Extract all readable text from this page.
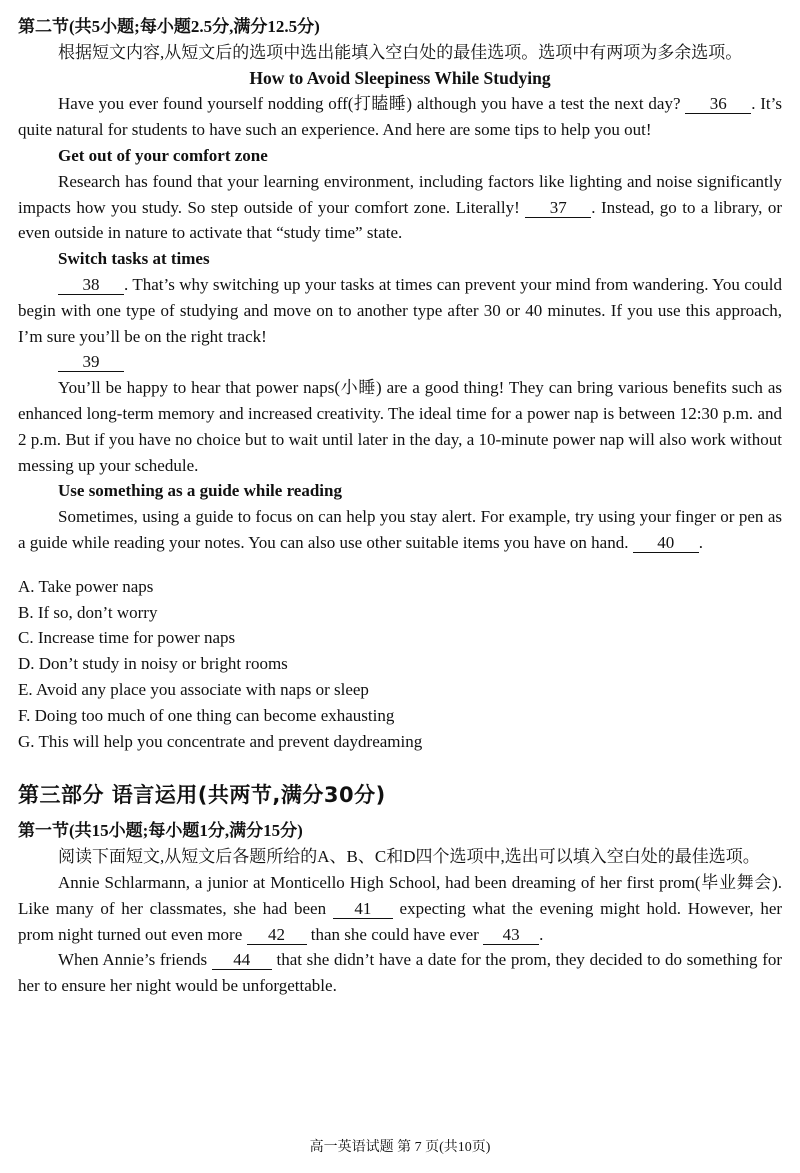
第二节(共5小题;每小题2.5分,满分12.5分)

根据短文内容,从短文后的选项中选出能填入空白处的最佳选项。选项中有两项为多余选项。

How to Avoid Sleepiness While Studying

Have you ever found yourself nodding off(打瞌睡) although you have a test the next day? 36 . It’s quite natural for students to have such an experience. And here are some tips to help you out!

Get out of your comfort zone

Research has found that your learning environment, including factors like lighting and noise significantly impacts how you study. So step outside of your comfort zone. Literally! 37 . Instead, go to a library, or even outside in nature to activate that “study time” state.

Switch tasks at times

38 . That’s why switching up your tasks at times can prevent your mind from wandering. You could begin with one type of studying and move on to another type after 30 or 40 minutes. If you use this approach, I’m sure you’ll be on the right track!

39

You’ll be happy to hear that power naps(小睡) are a good thing! They can bring various benefits such as enhanced long-term memory and increased creativity. The ideal time for a power nap is between 12:30 p.m. and 2 p.m. But if you have no choice but to wait until later in the day, a 10-minute power nap will also work without messing up your schedule.

Use something as a guide while reading

Sometimes, using a guide to focus on can help you stay alert. For example, try using your finger or pen as a guide while reading your notes. You can also use other suitable items you have on hand. 40 .

A. Take power naps

B. If so, don’t worry

C. Increase time for power naps

D. Don’t study in noisy or bright rooms

E. Avoid any place you associate with naps or sleep

F. Doing too much of one thing can become exhausting

G. This will help you concentrate and prevent daydreaming

第三部分 语言运用(共两节,满分30分)

第一节(共15小题;每小题1分,满分15分)

阅读下面短文,从短文后各题所给的A、B、C和D四个选项中,选出可以填入空白处的最佳选项。

Annie Schlarmann, a junior at Monticello High School, had been dreaming of her first prom(毕业舞会). Like many of her classmates, she had been 41 expecting what the evening might hold. However, her prom night turned out even more 42 than she could have ever 43 .

When Annie’s friends 44 that she didn’t have a date for the prom, they decided to do something for her to ensure her night would be unforgettable.

高一英语试题 第 7 页(共10页)
